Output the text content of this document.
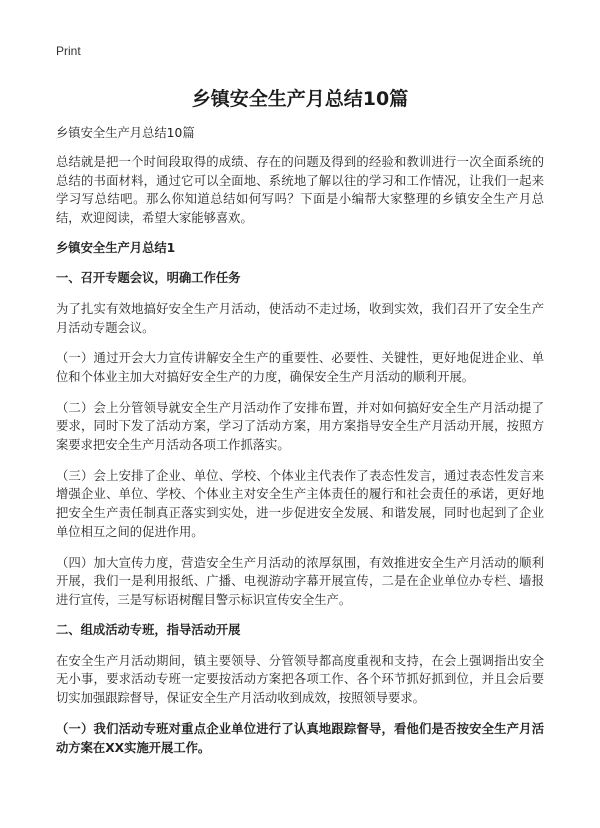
Print
乡镇安全生产月总结10篇
乡镇安全生产月总结10篇

总结就是把一个时间段取得的成绩、存在的问题及得到的经验和教训进行一次全面系统的总结的书面材料，通过它可以全面地、系统地了解以往的学习和工作情况，让我们一起来学习写总结吧。那么你知道总结如何写吗？下面是小编帮大家整理的乡镇安全生产月总结，欢迎阅读，希望大家能够喜欢。

乡镇安全生产月总结1
一、召开专题会议，明确工作任务

为了扎实有效地搞好安全生产月活动，使活动不走过场，收到实效，我们召开了安全生产月活动专题会议。

（一）通过开会大力宣传讲解安全生产的重要性、必要性、关键性，更好地促进企业、单位和个体业主加大对搞好安全生产的力度，确保安全生产月活动的顺利开展。

（二）会上分管领导就安全生产月活动作了安排布置，并对如何搞好安全生产月活动提了要求，同时下发了活动方案，学习了活动方案，用方案指导安全生产月活动开展，按照方案要求把安全生产月活动各项工作抓落实。

（三）会上安排了企业、单位、学校、个体业主代表作了表态性发言，通过表态性发言来增强企业、单位、学校、个体业主对安全生产主体责任的履行和社会责任的承诺，更好地把安全生产责任制真正落实到实处，进一步促进安全发展、和谐发展，同时也起到了企业单位相互之间的促进作用。

（四）加大宣传力度，营造安全生产月活动的浓厚氛围，有效推进安全生产月活动的顺利开展，我们一是利用报纸、广播、电视游动字幕开展宣传，二是在企业单位办专栏、墙报进行宣传，三是写标语树醒目警示标识宣传安全生产。

二、组成活动专班，指导活动开展

在安全生产月活动期间，镇主要领导、分管领导都高度重视和支持，在会上强调指出安全无小事，要求活动专班一定要按活动方案把各项工作、各个环节抓好抓到位，并且会后要切实加强跟踪督导，保证安全生产月活动收到成效，按照领导要求。

（一）我们活动专班对重点企业单位进行了认真地跟踪督导，看他们是否按安全生产月活动方案在XX实施开展工作。
